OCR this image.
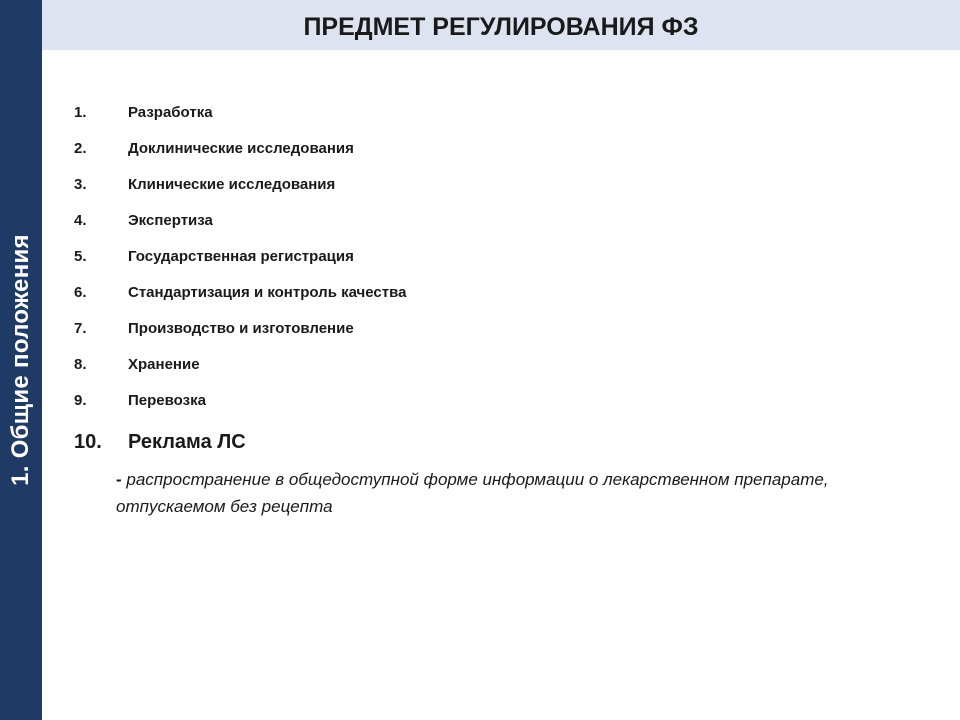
1. Общие положения
ПРЕДМЕТ РЕГУЛИРОВАНИЯ ФЗ
1.	Разработка
2.	Доклинические исследования
3.	Клинические исследования
4.	Экспертиза
5.	Государственная регистрация
6.	Стандартизация и контроль качества
7.	Производство и изготовление
8.	Хранение
9.	Перевозка
10.	Реклама ЛС
- распространение в общедоступной форме информации о лекарственном препарате, отпускаемом без рецепта
